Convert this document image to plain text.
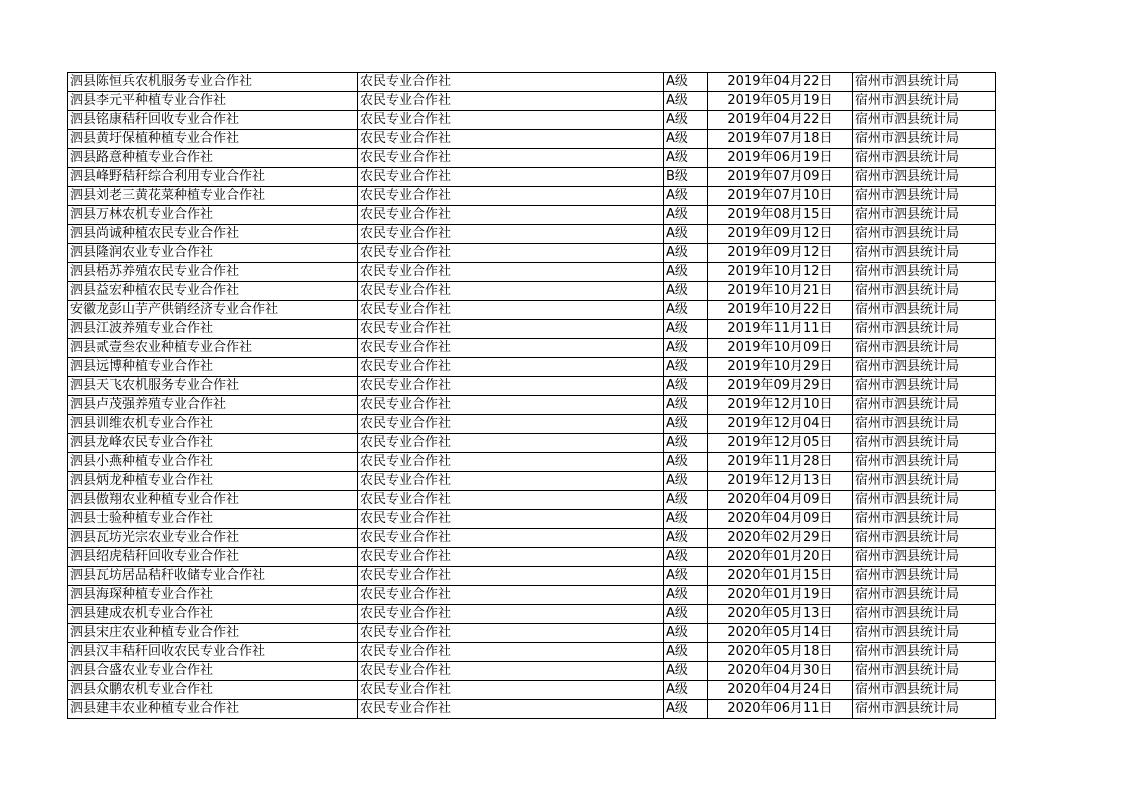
泗县陈恒兵农机服务专业合作社	农民专业合作社	A级	2019年04月22日	宿州市泗县统计局
泗县李元平种植专业合作社	农民专业合作社	A级	2019年05月19日	宿州市泗县统计局
泗县铭康秸秆回收专业合作社	农民专业合作社	A级	2019年04月22日	宿州市泗县统计局
泗县黄圩保植种植专业合作社	农民专业合作社	A级	2019年07月18日	宿州市泗县统计局
泗县路意种植专业合作社	农民专业合作社	A级	2019年06月19日	宿州市泗县统计局
泗县峰野秸秆综合利用专业合作社	农民专业合作社	B级	2019年07月09日	宿州市泗县统计局
泗县刘老三黄花菜种植专业合作社	农民专业合作社	A级	2019年07月10日	宿州市泗县统计局
泗县万林农机专业合作社	农民专业合作社	A级	2019年08月15日	宿州市泗县统计局
泗县尚诚种植农民专业合作社	农民专业合作社	A级	2019年09月12日	宿州市泗县统计局
泗县隆润农业专业合作社	农民专业合作社	A级	2019年09月12日	宿州市泗县统计局
泗县梧苏养殖农民专业合作社	农民专业合作社	A级	2019年10月12日	宿州市泗县统计局
泗县益宏种植农民专业合作社	农民专业合作社	A级	2019年10月21日	宿州市泗县统计局
安徽龙彭山芋产供销经济专业合作社	农民专业合作社	A级	2019年10月22日	宿州市泗县统计局
泗县江波养殖专业合作社	农民专业合作社	A级	2019年11月11日	宿州市泗县统计局
泗县贰壹叁农业种植专业合作社	农民专业合作社	A级	2019年10月09日	宿州市泗县统计局
泗县远博种植专业合作社	农民专业合作社	A级	2019年10月29日	宿州市泗县统计局
泗县天飞农机服务专业合作社	农民专业合作社	A级	2019年09月29日	宿州市泗县统计局
泗县卢茂强养殖专业合作社	农民专业合作社	A级	2019年12月10日	宿州市泗县统计局
泗县训维农机专业合作社	农民专业合作社	A级	2019年12月04日	宿州市泗县统计局
泗县龙峰农民专业合作社	农民专业合作社	A级	2019年12月05日	宿州市泗县统计局
泗县小燕种植专业合作社	农民专业合作社	A级	2019年11月28日	宿州市泗县统计局
泗县炳龙种植专业合作社	农民专业合作社	A级	2019年12月13日	宿州市泗县统计局
泗县傲翔农业种植专业合作社	农民专业合作社	A级	2020年04月09日	宿州市泗县统计局
泗县士验种植专业合作社	农民专业合作社	A级	2020年04月09日	宿州市泗县统计局
泗县瓦坊光宗农业专业合作社	农民专业合作社	A级	2020年02月29日	宿州市泗县统计局
泗县绍虎秸秆回收专业合作社	农民专业合作社	A级	2020年01月20日	宿州市泗县统计局
泗县瓦坊居品秸秆收储专业合作社	农民专业合作社	A级	2020年01月15日	宿州市泗县统计局
泗县海琛种植专业合作社	农民专业合作社	A级	2020年01月19日	宿州市泗县统计局
泗县建成农机专业合作社	农民专业合作社	A级	2020年05月13日	宿州市泗县统计局
泗县宋庄农业种植专业合作社	农民专业合作社	A级	2020年05月14日	宿州市泗县统计局
泗县汉丰秸秆回收农民专业合作社	农民专业合作社	A级	2020年05月18日	宿州市泗县统计局
泗县合盛农业专业合作社	农民专业合作社	A级	2020年04月30日	宿州市泗县统计局
泗县众鹏农机专业合作社	农民专业合作社	A级	2020年04月24日	宿州市泗县统计局
泗县建丰农业种植专业合作社	农民专业合作社	A级	2020年06月11日	宿州市泗县统计局
